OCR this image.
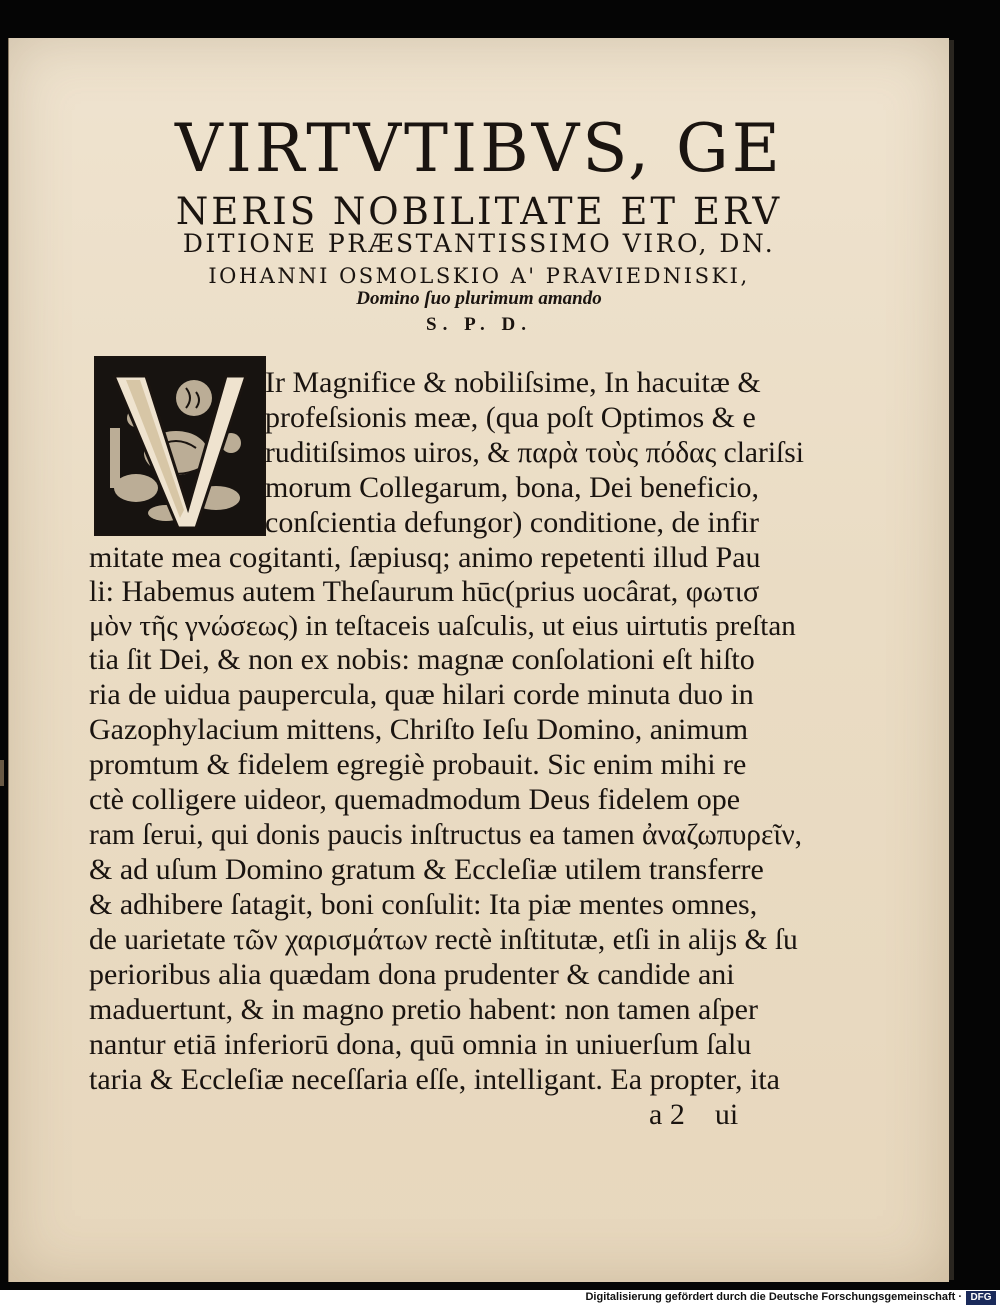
VIRTVTIBVS, GE
NERIS NOBILITATE ET ERV
DITIONE PRÆSTANTISSIMO VIRO, DN.
IOHANNI OSMOLSKIO A' PRAVIEDNISKI,
Domino ſuo plurimum amando
S. P. D.
Ir Magnifice & nobiliſsime, In hacuitæ &
profeſsionis meæ, (qua poſt Optimos & e
ruditiſsimos uiros, & παρὰ τοὺς πόδας clariſsi
morum Collegarum, bona, Dei beneficio,
conſcientia defungor) conditione, de infir
mitate mea cogitanti, ſæpiusq; animo repetenti illud Pau
li: Habemus autem Theſaurum hūc(prius uocârat, φωτισ
μὸν τῆς γνώσεως) in teſtaceis uaſculis, ut eius uirtutis preſtan
tia ſit Dei, & non ex nobis: magnæ conſolationi eſt hiſto
ria de uidua paupercula, quæ hilari corde minuta duo in
Gazophylacium mittens, Chriſto Ieſu Domino, animum
promtum & fidelem egregiè probauit. Sic enim mihi re
ctè colligere uideor, quemadmodum Deus fidelem ope
ram ſerui, qui donis paucis inſtructus ea tamen ἀναζωπυρεῖν,
& ad uſum Domino gratum & Eccleſiæ utilem transferre
& adhibere ſatagit, boni conſulit: Ita piæ mentes omnes,
de uarietate τῶν χαρισμάτων rectè inſtitutæ, etſi in alijs & ſu
perioribus alia quædam dona prudenter & candide ani
maduertunt, & in magno pretio habent: non tamen aſper
nantur etiā inferiorū dona, quū omnia in uniuerſum ſalu
taria & Eccleſiæ neceſſaria eſſe, intelligant. Ea propter, ita
a 2    ui
Digitalisierung gefördert durch die Deutsche Forschungsgemeinschaft · DFG
